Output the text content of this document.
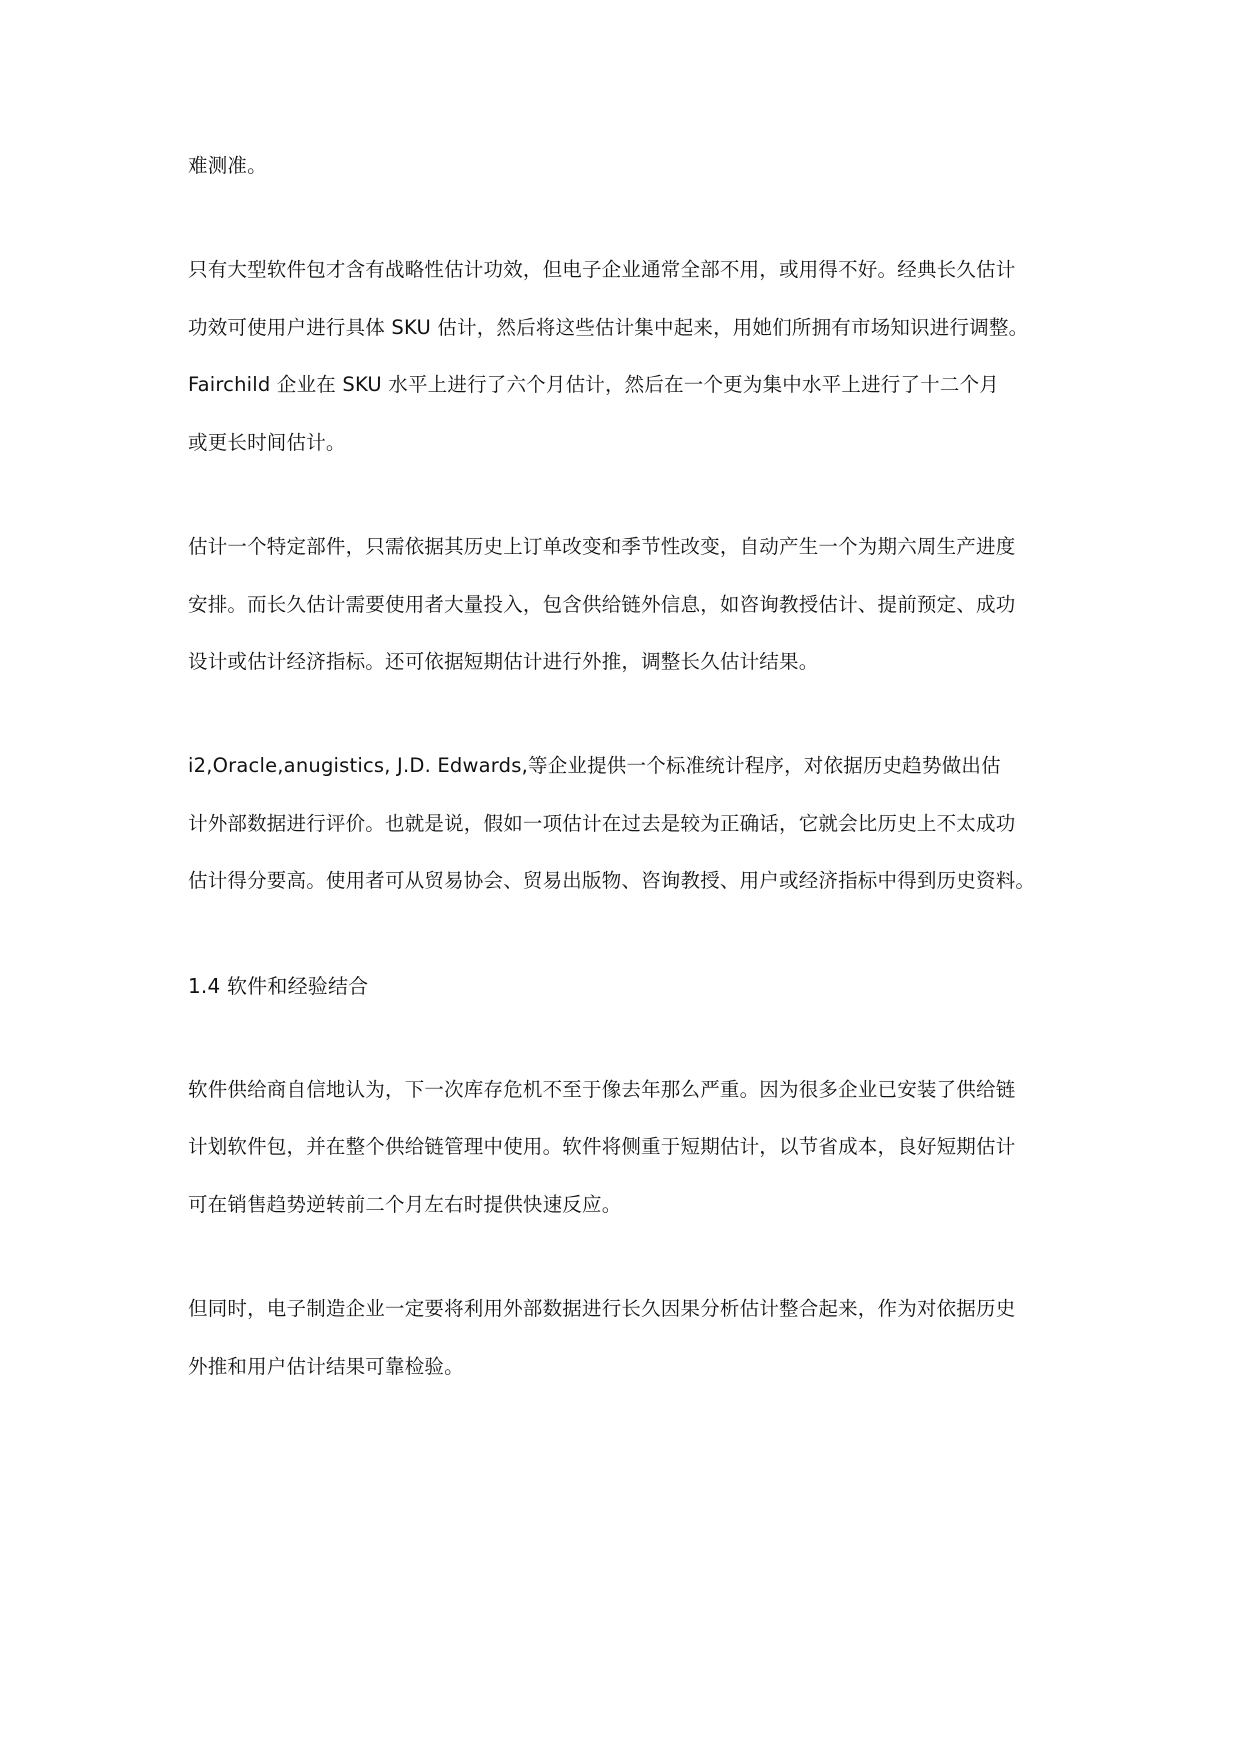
难测准。
只有大型软件包才含有战略性估计功效，但电子企业通常全部不用，或用得不好。经典长久估计
功效可使用户进行具体 SKU 估计，然后将这些估计集中起来，用她们所拥有市场知识进行调整。
Fairchild 企业在 SKU 水平上进行了六个月估计，然后在一个更为集中水平上进行了十二个月
或更长时间估计。
估计一个特定部件，只需依据其历史上订单改变和季节性改变，自动产生一个为期六周生产进度
安排。而长久估计需要使用者大量投入，包含供给链外信息，如咨询教授估计、提前预定、成功
设计或估计经济指标。还可依据短期估计进行外推，调整长久估计结果。
i2,Oracle,anugistics, J.D. Edwards,等企业提供一个标准统计程序，对依据历史趋势做出估
计外部数据进行评价。也就是说，假如一项估计在过去是较为正确话，它就会比历史上不太成功
估计得分要高。使用者可从贸易协会、贸易出版物、咨询教授、用户或经济指标中得到历史资料。
1.4 软件和经验结合
软件供给商自信地认为，下一次库存危机不至于像去年那么严重。因为很多企业已安装了供给链
计划软件包，并在整个供给链管理中使用。软件将侧重于短期估计，以节省成本，良好短期估计
可在销售趋势逆转前二个月左右时提供快速反应。
但同时，电子制造企业一定要将利用外部数据进行长久因果分析估计整合起来，作为对依据历史
外推和用户估计结果可靠检验。
